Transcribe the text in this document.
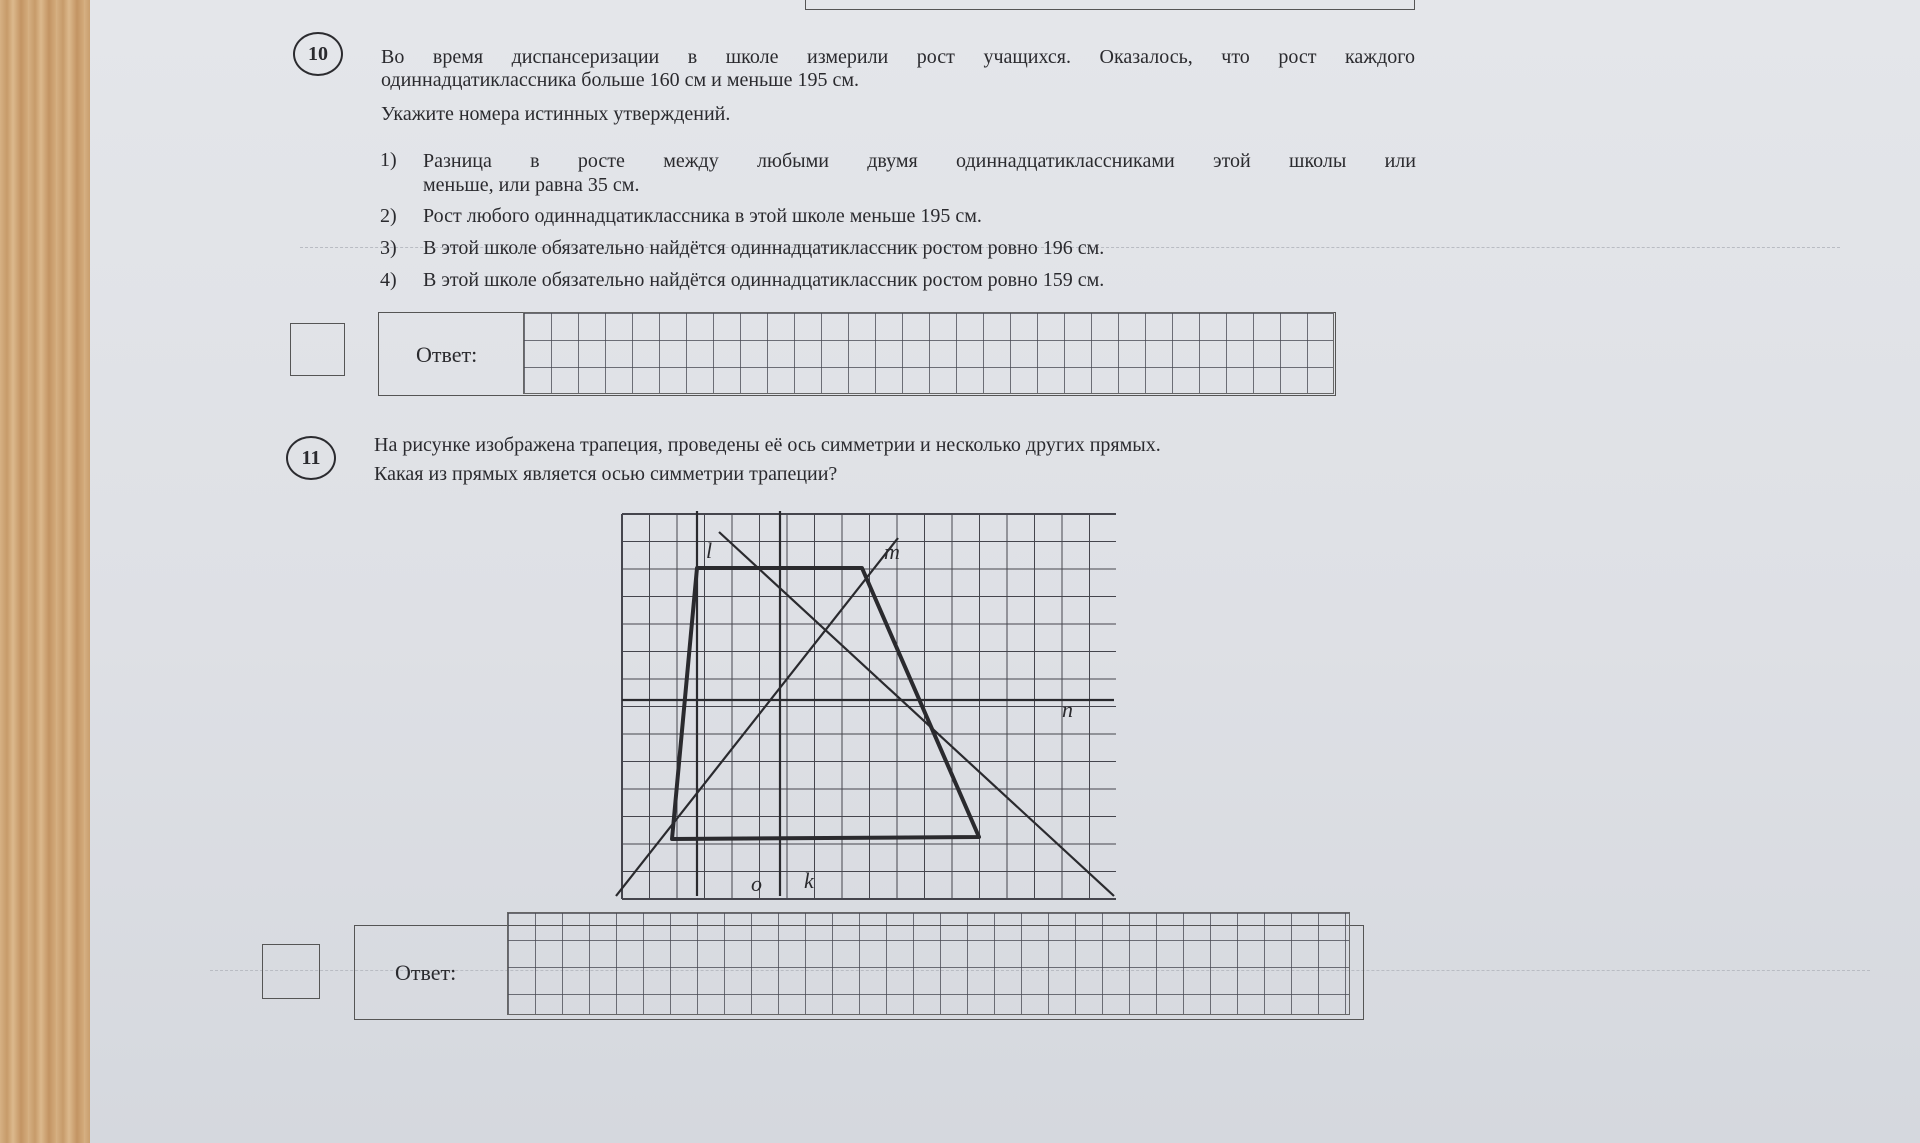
10	Во время диспансеризации в школе измерили рост учащихся. Оказалось, что рост каждого
одиннадцатиклассника больше 160 см и меньше 195 см.
Укажите номера истинных утверждений.
1) Разница в росте между любыми двумя одиннадцатиклассниками этой школы или
меньше, или равна 35 см.
2) Рост любого одиннадцатиклассника в этой школе меньше 195 см.
3) В этой школе обязательно найдётся одиннадцатиклассник ростом ровно 196 см.
4) В этой школе обязательно найдётся одиннадцатиклассник ростом ровно 159 см.
Ответ:
11
На рисунке изображена трапеция, проведены её ось симметрии и несколько других прямых.
Какая из прямых является осью симметрии трапеции?
l	m
n
o k
Ответ:
